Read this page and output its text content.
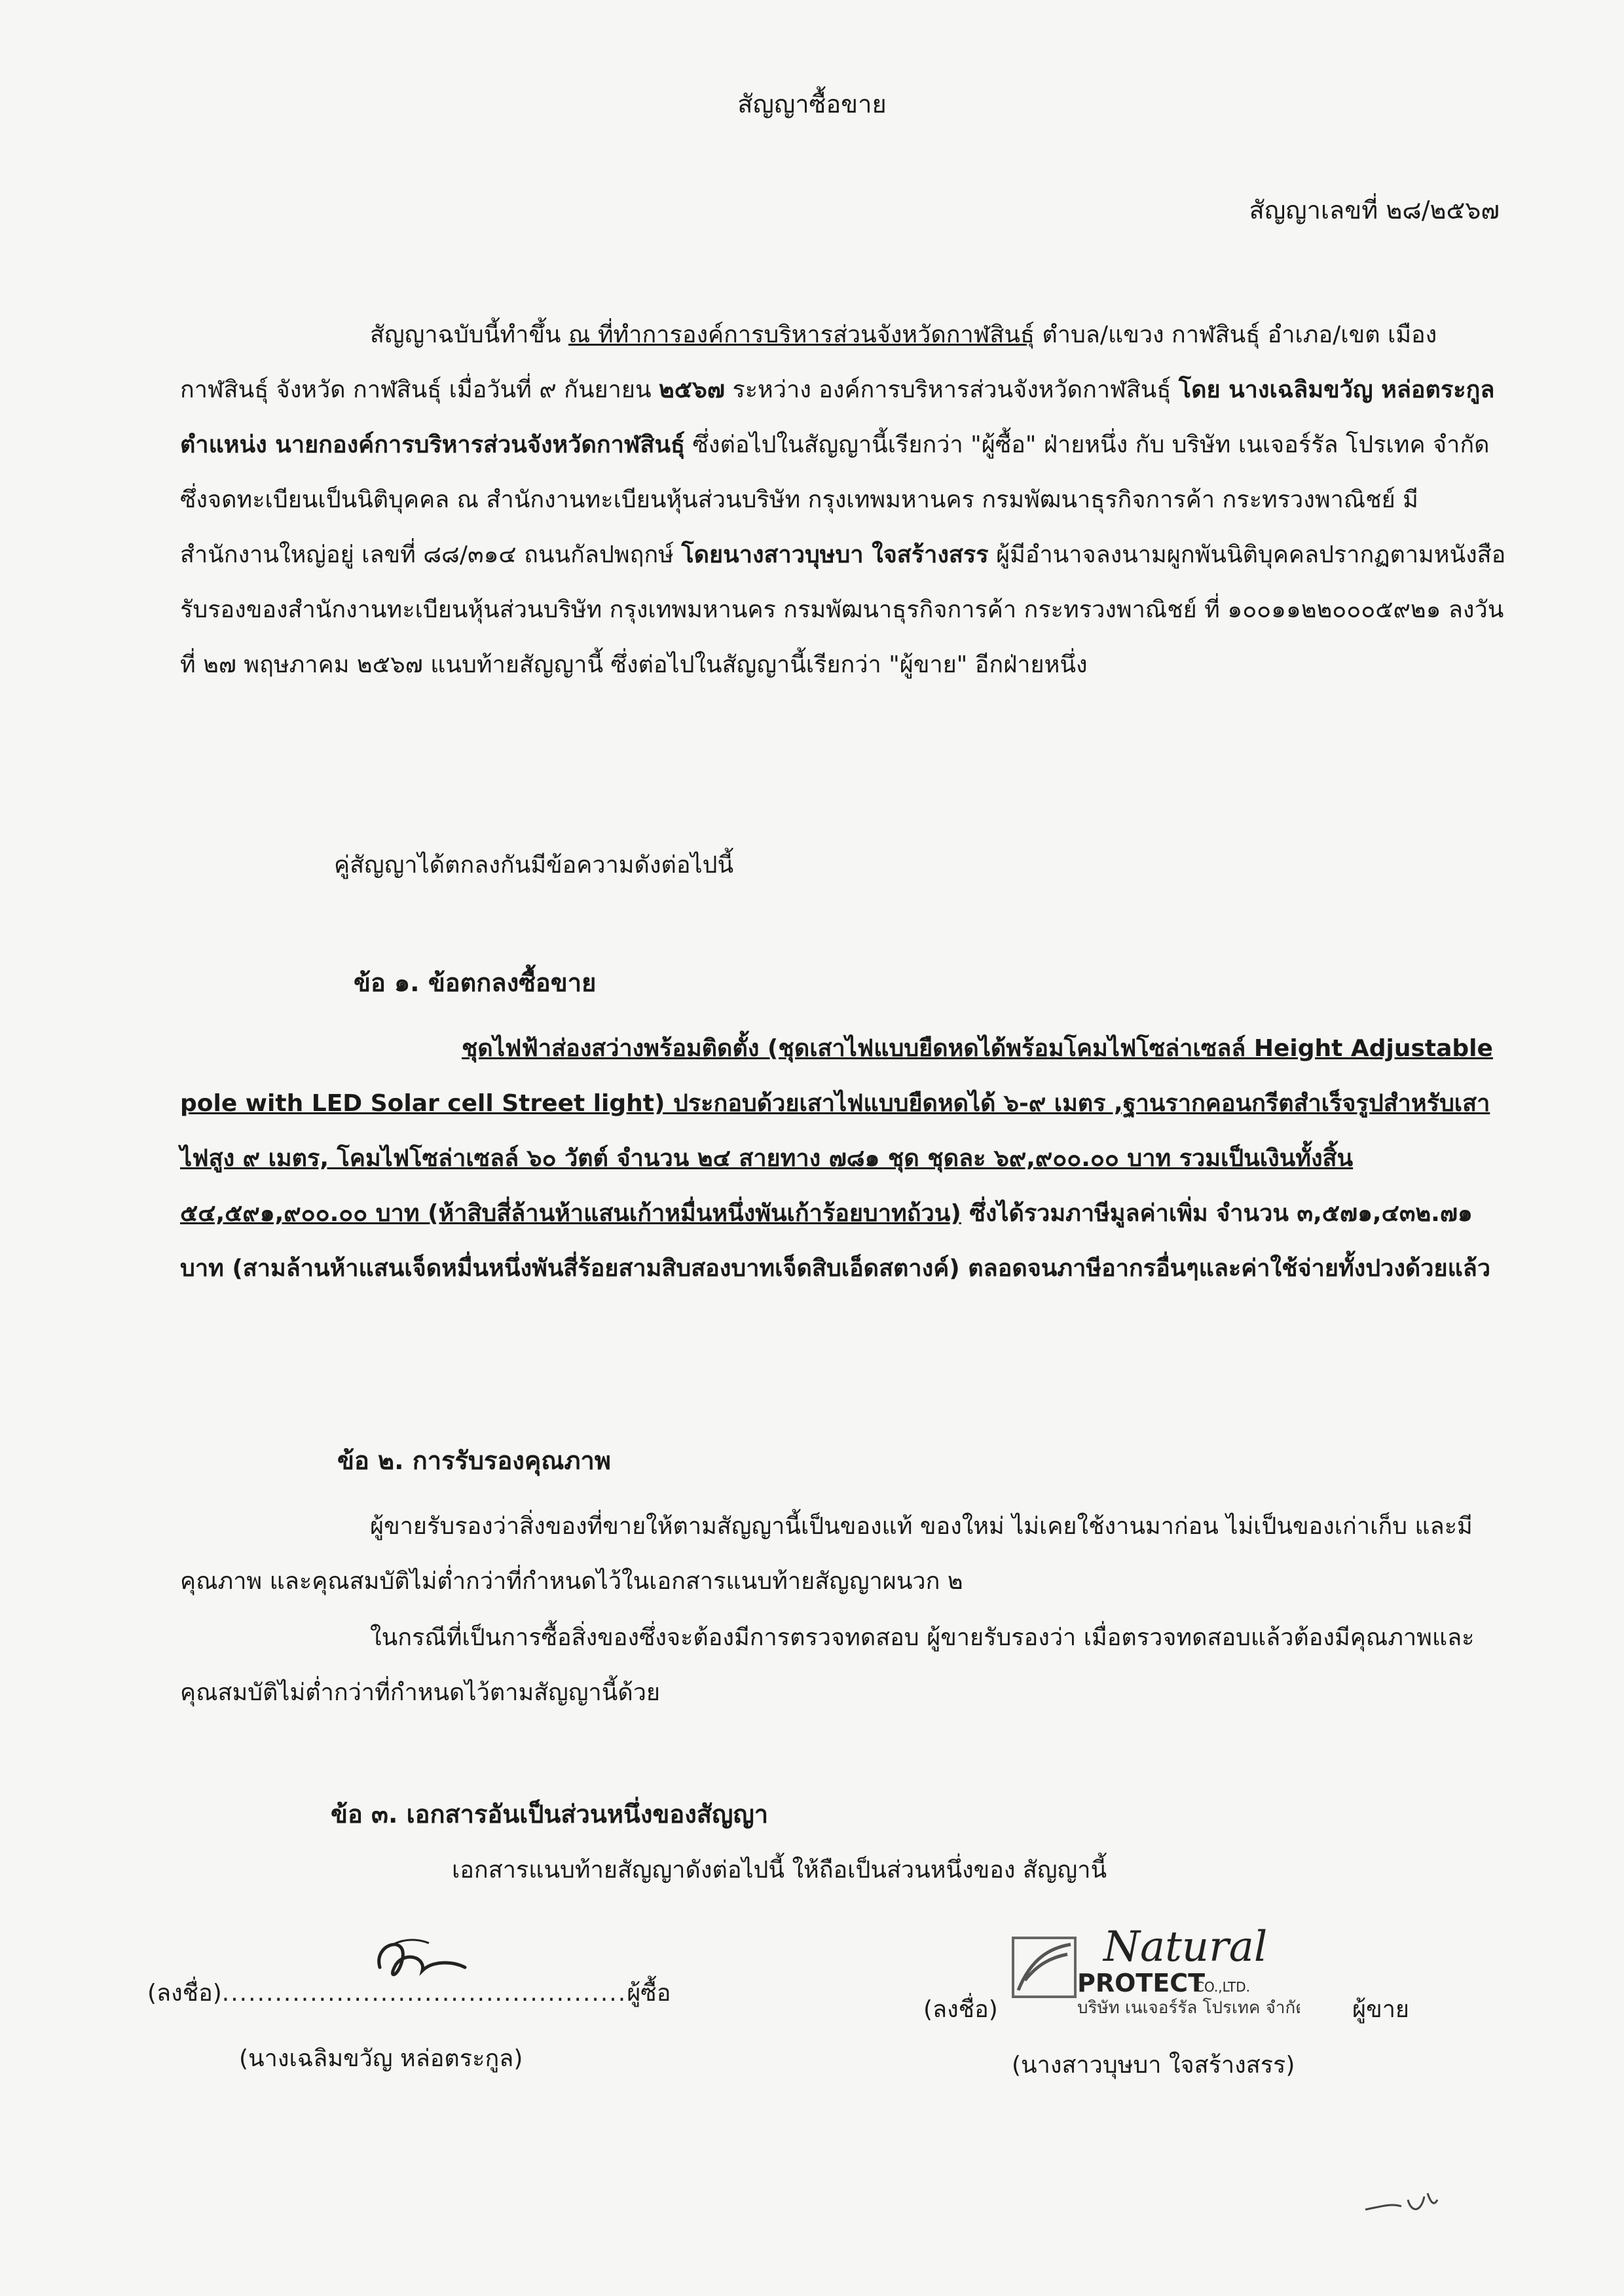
สัญญาซื้อขาย
สัญญาเลขที่ ๒๘/๒๕๖๗
สัญญาฉบับนี้ทำขึ้น ณ ที่ทำการองค์การบริหารส่วนจังหวัดกาฬสินธุ์ ตำบล/แขวง กาฬสินธุ์ อำเภอ/เขต เมืองกาฬสินธุ์ จังหวัด กาฬสินธุ์ เมื่อวันที่ ๙ กันยายน ๒๕๖๗ ระหว่าง องค์การบริหารส่วนจังหวัดกาฬสินธุ์ โดย นางเฉลิมขวัญ หล่อตระกูล ตำแหน่ง นายกองค์การบริหารส่วนจังหวัดกาฬสินธุ์ ซึ่งต่อไปในสัญญานี้เรียกว่า "ผู้ซื้อ" ฝ่ายหนึ่ง กับ บริษัท เนเจอร์รัล โปรเทค จำกัด ซึ่งจดทะเบียนเป็นนิติบุคคล ณ สำนักงานทะเบียนหุ้นส่วนบริษัท กรุงเทพมหานคร กรมพัฒนาธุรกิจการค้า กระทรวงพาณิชย์ มีสำนักงานใหญ่อยู่ เลขที่ ๘๘/๓๑๔ ถนนกัลปพฤกษ์ โดยนางสาวบุษบา ใจสร้างสรร ผู้มีอำนาจลงนามผูกพันนิติบุคคลปรากฏตามหนังสือรับรองของสำนักงานทะเบียนหุ้นส่วนบริษัท กรุงเทพมหานคร กรมพัฒนาธุรกิจการค้า กระทรวงพาณิชย์ ที่ ๑๐๐๑๑๒๒๐๐๐๕๙๒๑ ลงวันที่ ๒๗ พฤษภาคม ๒๕๖๗ แนบท้ายสัญญานี้ ซึ่งต่อไปในสัญญานี้เรียกว่า "ผู้ขาย" อีกฝ่ายหนึ่ง
คู่สัญญาได้ตกลงกันมีข้อความดังต่อไปนี้
ข้อ ๑. ข้อตกลงซื้อขาย
ชุดไฟฟ้าส่องสว่างพร้อมติดตั้ง (ชุดเสาไฟแบบยืดหดได้พร้อมโคมไฟโซล่าเซลล์ Height Adjustable pole with LED Solar cell Street light) ประกอบด้วยเสาไฟแบบยืดหดได้ ๖-๙ เมตร ,ฐานรากคอนกรีตสำเร็จรูปสำหรับเสาไฟสูง ๙ เมตร, โคมไฟโซล่าเซลล์ ๖๐ วัตต์ จำนวน ๒๔ สายทาง ๗๘๑ ชุด ชุดละ ๖๙,๙๐๐.๐๐ บาท รวมเป็นเงินทั้งสิ้น ๕๔,๕๙๑,๙๐๐.๐๐ บาท (ห้าสิบสี่ล้านห้าแสนเก้าหมื่นหนึ่งพันเก้าร้อยบาทถ้วน) ซึ่งได้รวมภาษีมูลค่าเพิ่ม จำนวน ๓,๕๗๑,๔๓๒.๗๑ บาท (สามล้านห้าแสนเจ็ดหมื่นหนึ่งพันสี่ร้อยสามสิบสองบาทเจ็ดสิบเอ็ดสตางค์) ตลอดจนภาษีอากรอื่นๆและค่าใช้จ่ายทั้งปวงด้วยแล้ว
ข้อ ๒. การรับรองคุณภาพ
ผู้ขายรับรองว่าสิ่งของที่ขายให้ตามสัญญานี้เป็นของแท้ ของใหม่ ไม่เคยใช้งานมาก่อน ไม่เป็นของเก่าเก็บ และมีคุณภาพ และคุณสมบัติไม่ต่ำกว่าที่กำหนดไว้ในเอกสารแนบท้ายสัญญาผนวก ๒
ในกรณีที่เป็นการซื้อสิ่งของซึ่งจะต้องมีการตรวจทดสอบ ผู้ขายรับรองว่า เมื่อตรวจทดสอบแล้วต้องมีคุณภาพและคุณสมบัติไม่ต่ำกว่าที่กำหนดไว้ตามสัญญานี้ด้วย
ข้อ ๓. เอกสารอันเป็นส่วนหนึ่งของสัญญา
เอกสารแนบท้ายสัญญาดังต่อไปนี้ ให้ถือเป็นส่วนหนึ่งของ สัญญานี้
(ลงชื่อ)..............................................ผู้ซื้อ
(นางเฉลิมขวัญ หล่อตระกูล)
Natural
PROTECT
CO.,LTD.
บริษัท เนเจอร์รัล โปรเทค จำกัด
(ลงชื่อ)	ผู้ขาย
(นางสาวบุษบา ใจสร้างสรร)
